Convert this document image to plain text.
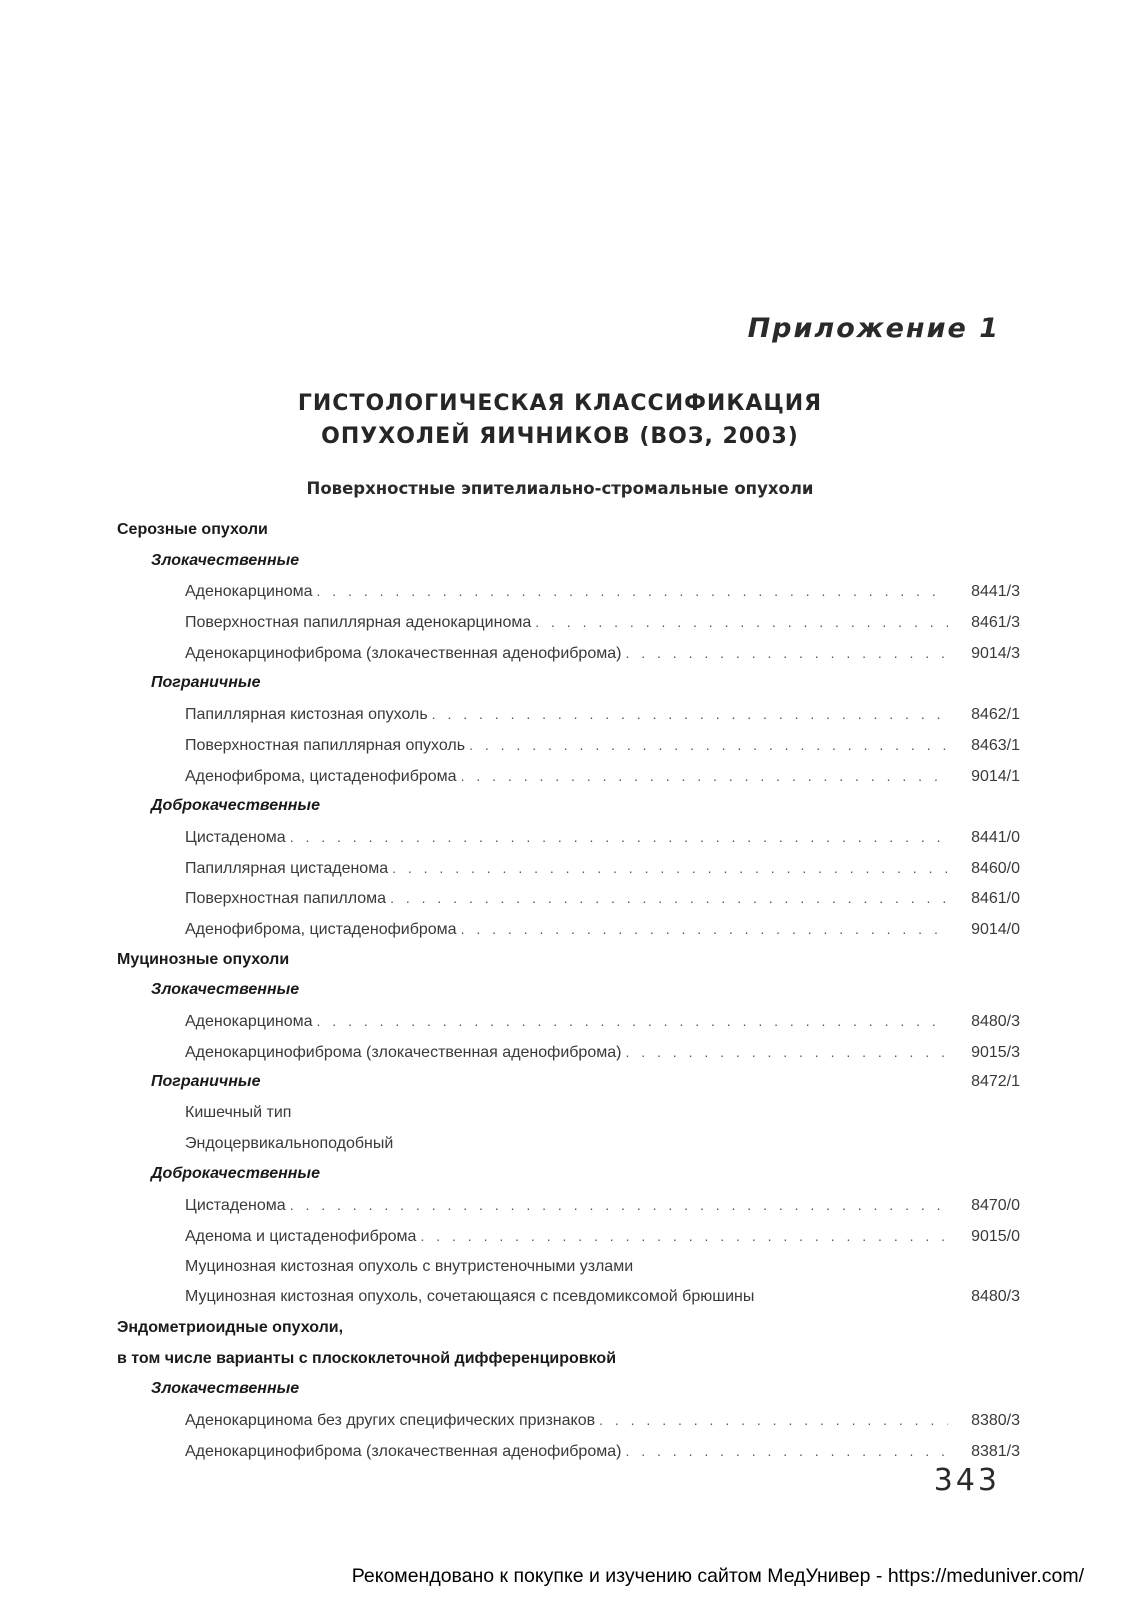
Приложение 1
ГИСТОЛОГИЧЕСКАЯ КЛАССИФИКАЦИЯ
ОПУХОЛЕЙ ЯИЧНИКОВ (ВОЗ, 2003)
Поверхностные эпителиально-стромальные опухоли
Серозные опухоли
Злокачественные
Аденокарцинома . . .	8441/3
Поверхностная папиллярная аденокарцинома . . .	8461/3
Аденокарцинофиброма (злокачественная аденофиброма) . . .	9014/3
Пограничные
Папиллярная кистозная опухоль . . .	8462/1
Поверхностная папиллярная опухоль . . .	8463/1
Аденофиброма, цистаденофиброма . . .	9014/1
Доброкачественные
Цистаденома . . .	8441/0
Папиллярная цистаденома . . .	8460/0
Поверхностная папиллома . . .	8461/0
Аденофиброма, цистаденофиброма . . .	9014/0
Муцинозные опухоли
Злокачественные
Аденокарцинома . . .	8480/3
Аденокарцинофиброма (злокачественная аденофиброма) . . .	9015/3
Пограничные	8472/1
Кишечный тип
Эндоцервикальноподобный
Доброкачественные
Цистаденома . . .	8470/0
Аденома и цистаденофиброма . . .	9015/0
Муцинозная кистозная опухоль с внутристеночными узлами
Муцинозная кистозная опухоль, сочетающаяся с псевдомиксомой брюшины	8480/3
Эндометриоидные опухоли,
в том числе варианты с плоскоклеточной дифференцировкой
Злокачественные
Аденокарцинома без других специфических признаков . . .	8380/3
Аденокарцинофиброма (злокачественная аденофиброма) . . .	8381/3
343
Рекомендовано к покупке и изучению сайтом МедУнивер - https://meduniver.com/
